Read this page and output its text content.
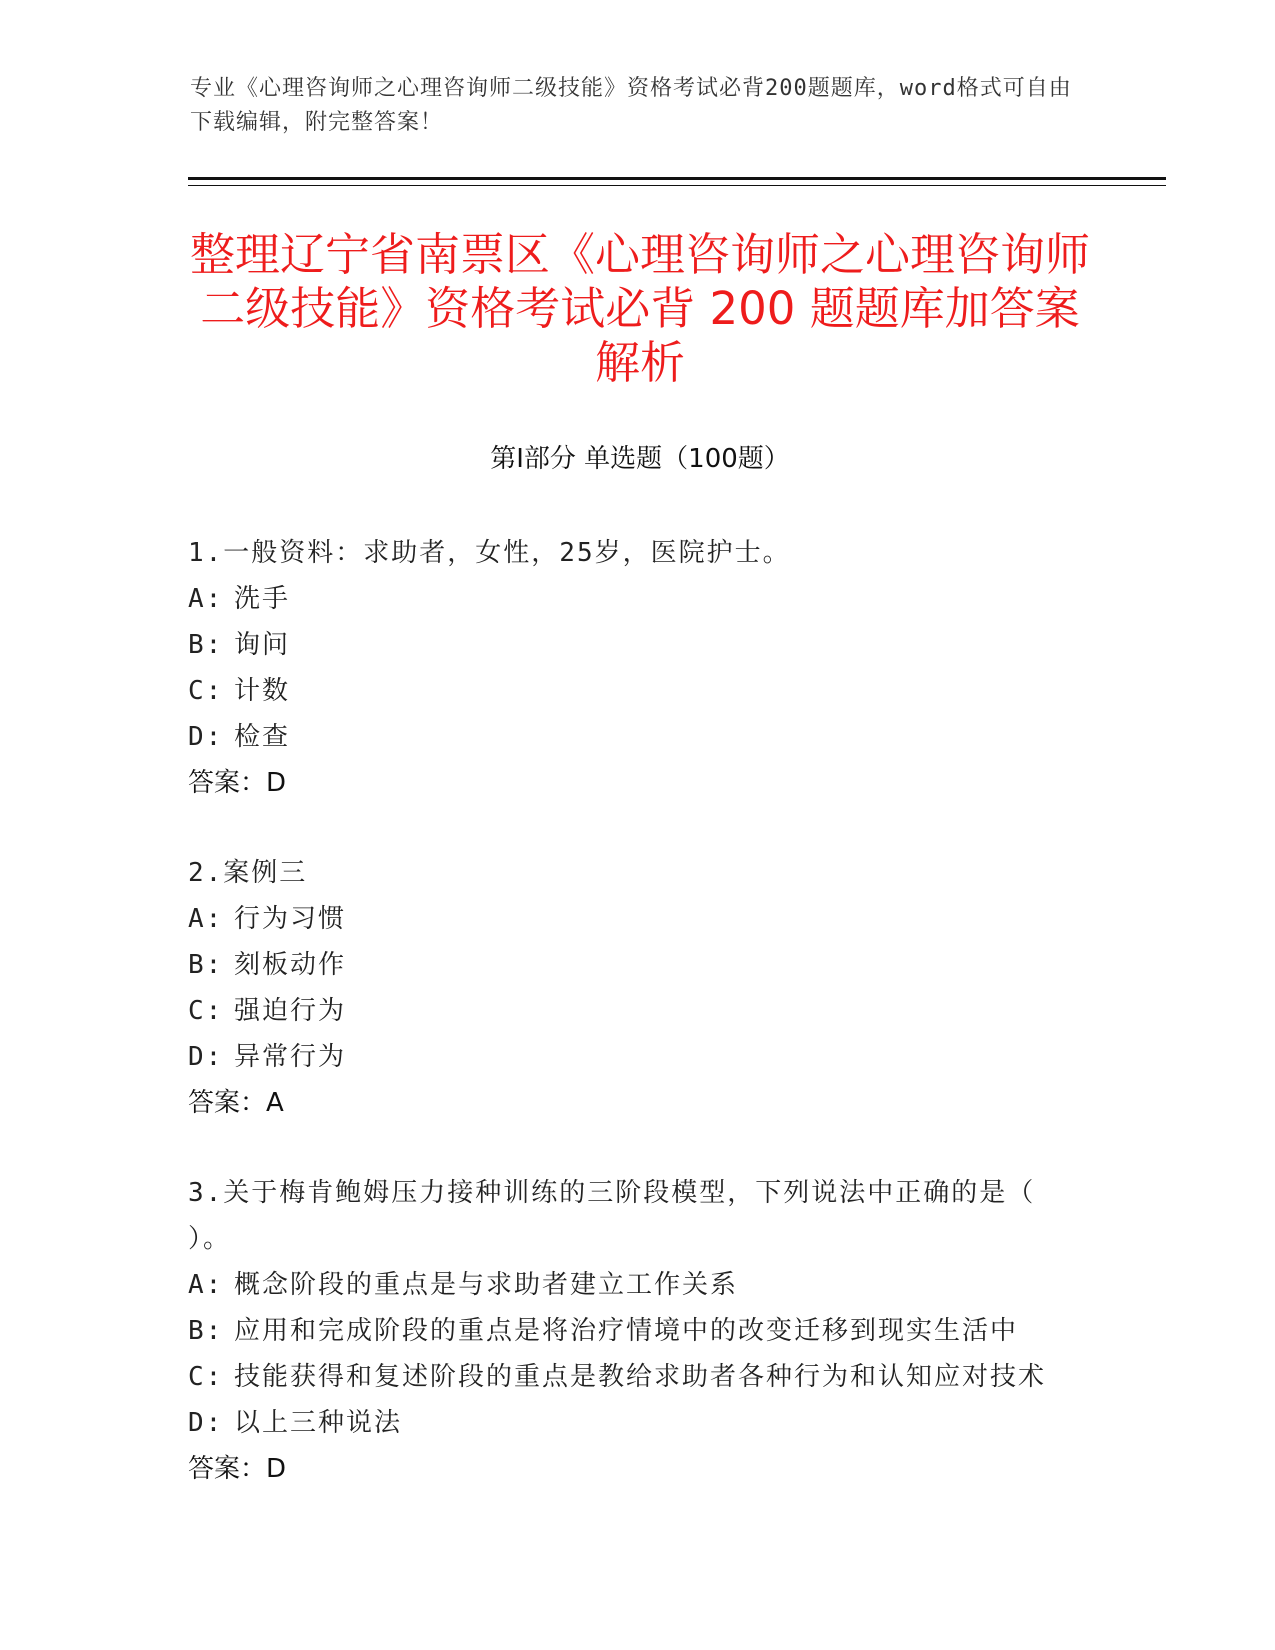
专业《心理咨询师之心理咨询师二级技能》资格考试必背200题题库，word格式可自由下载编辑，附完整答案！
整理辽宁省南票区《心理咨询师之心理咨询师二级技能》资格考试必背 200 题题库加答案解析
第Ⅰ部分 单选题（100题）
1.一般资料：求助者，女性，25岁，医院护士。
A: 洗手
B: 询问
C: 计数
D: 检查
答案：D
2.案例三
A: 行为习惯
B: 刻板动作
C: 强迫行为
D: 异常行为
答案：A
3.关于梅肯鲍姆压力接种训练的三阶段模型，下列说法中正确的是（ ）。
A: 概念阶段的重点是与求助者建立工作关系
B: 应用和完成阶段的重点是将治疗情境中的改变迁移到现实生活中
C: 技能获得和复述阶段的重点是教给求助者各种行为和认知应对技术
D: 以上三种说法
答案：D
